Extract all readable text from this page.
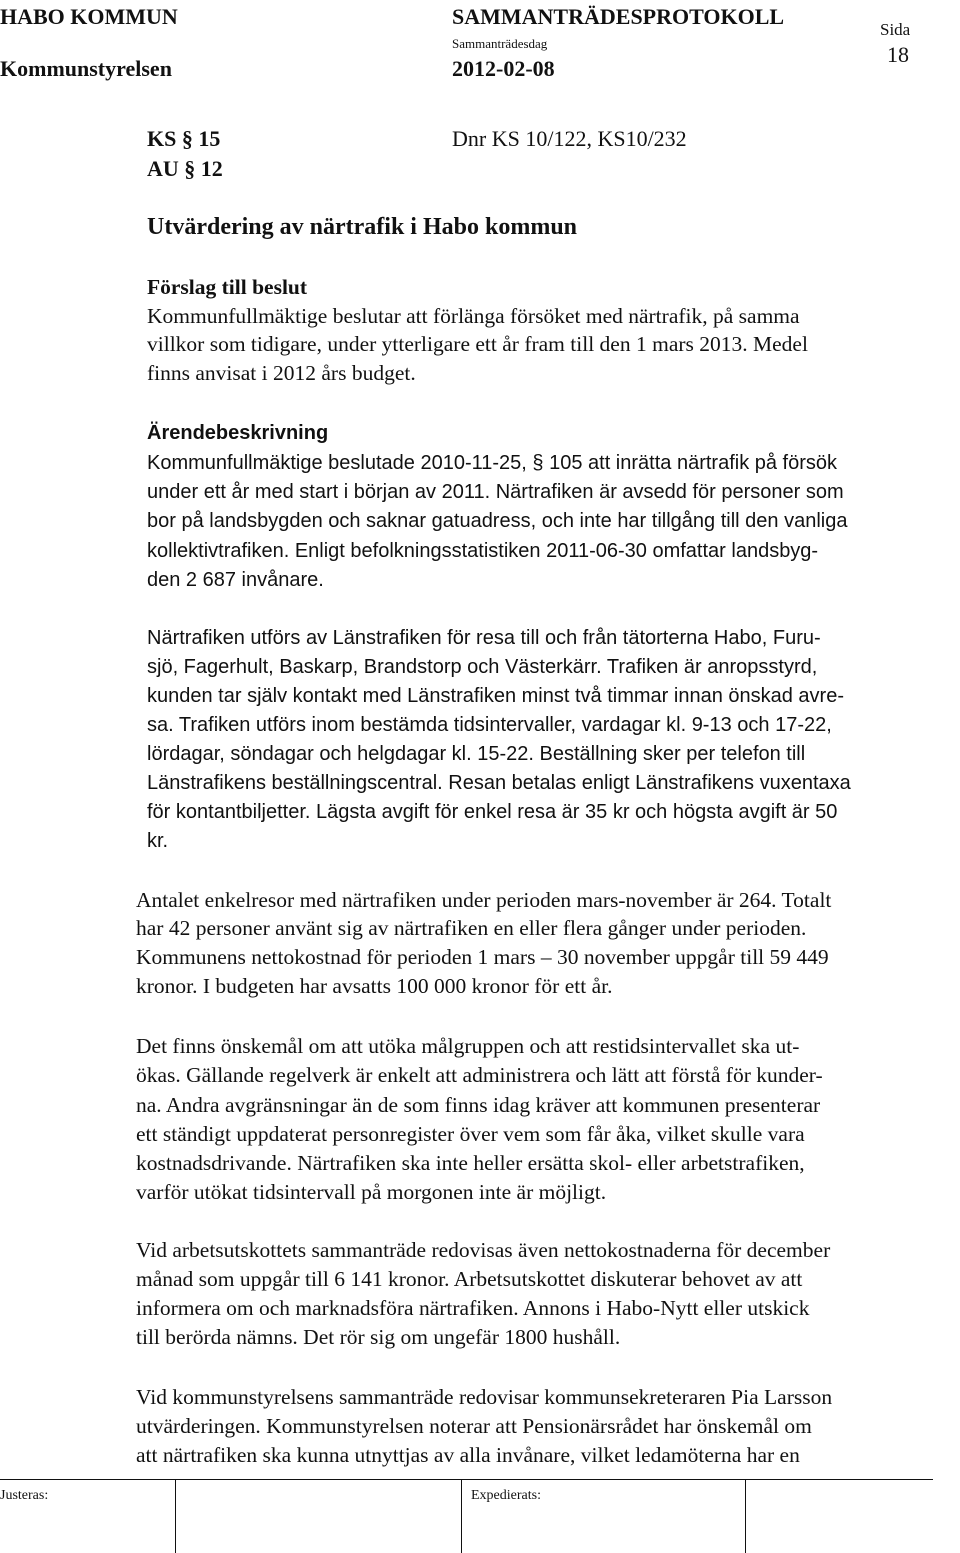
HABO KOMMUN
Kommunstyrelsen
SAMMANTRÄDESPROTOKOLL
Sammanträdesdag
2012-02-08
Sida
18
KS § 15
AU § 12
Dnr KS 10/122, KS10/232
Utvärdering av närtrafik i Habo kommun
Förslag till beslut
Kommunfullmäktige beslutar att förlänga försöket med närtrafik, på samma
villkor som tidigare, under ytterligare ett år fram till den 1 mars 2013. Medel
finns anvisat i 2012 års budget.
Ärendebeskrivning
Kommunfullmäktige beslutade 2010-11-25, § 105 att inrätta närtrafik på försök
under ett år med start i början av 2011. Närtrafiken är avsedd för personer som
bor på landsbygden och saknar gatuadress, och inte har tillgång till den vanliga
kollektivtrafiken. Enligt befolkningsstatistiken 2011-06-30 omfattar landsbyg-
den 2 687 invånare.
Närtrafiken utförs av Länstrafiken för resa till och från tätorterna Habo, Furu-
sjö, Fagerhult, Baskarp, Brandstorp och Västerkärr. Trafiken är anropsstyrd,
kunden tar själv kontakt med Länstrafiken minst två timmar innan önskad avre-
sa. Trafiken utförs inom bestämda tidsintervaller, vardagar kl. 9-13 och 17-22,
lördagar, söndagar och helgdagar kl. 15-22. Beställning sker per telefon till
Länstrafikens beställningscentral. Resan betalas enligt Länstrafikens vuxentaxa
för kontantbiljetter. Lägsta avgift för enkel resa är 35 kr och högsta avgift är 50
kr.
Antalet enkelresor med närtrafiken under perioden mars-november är 264. Totalt
har 42 personer använt sig av närtrafiken en eller flera gånger under perioden.
Kommunens nettokostnad för perioden 1 mars – 30 november uppgår till 59 449
kronor. I budgeten har avsatts 100 000 kronor för ett år.
Det finns önskemål om att utöka målgruppen och att restidsintervallet ska ut-
ökas. Gällande regelverk är enkelt att administrera och lätt att förstå för kunder-
na. Andra avgränsningar än de som finns idag kräver att kommunen presenterar
ett ständigt uppdaterat personregister över vem som får åka, vilket skulle vara
kostnadsdrivande. Närtrafiken ska inte heller ersätta skol- eller arbetstrafiken,
varför utökat tidsintervall på morgonen inte är möjligt.
Vid arbetsutskottets sammanträde redovisas även nettokostnaderna för december
månad som uppgår till 6 141 kronor. Arbetsutskottet diskuterar behovet av att
informera om och marknadsföra närtrafiken. Annons i Habo-Nytt eller utskick
till berörda nämns. Det rör sig om ungefär 1800 hushåll.
Vid kommunstyrelsens sammanträde redovisar kommunsekreteraren Pia Larsson
utvärderingen. Kommunstyrelsen noterar att Pensionärsrådet har önskemål om
att närtrafiken ska kunna utnyttjas av alla invånare, vilket ledamöterna har en
Justeras:	Expedierats:
